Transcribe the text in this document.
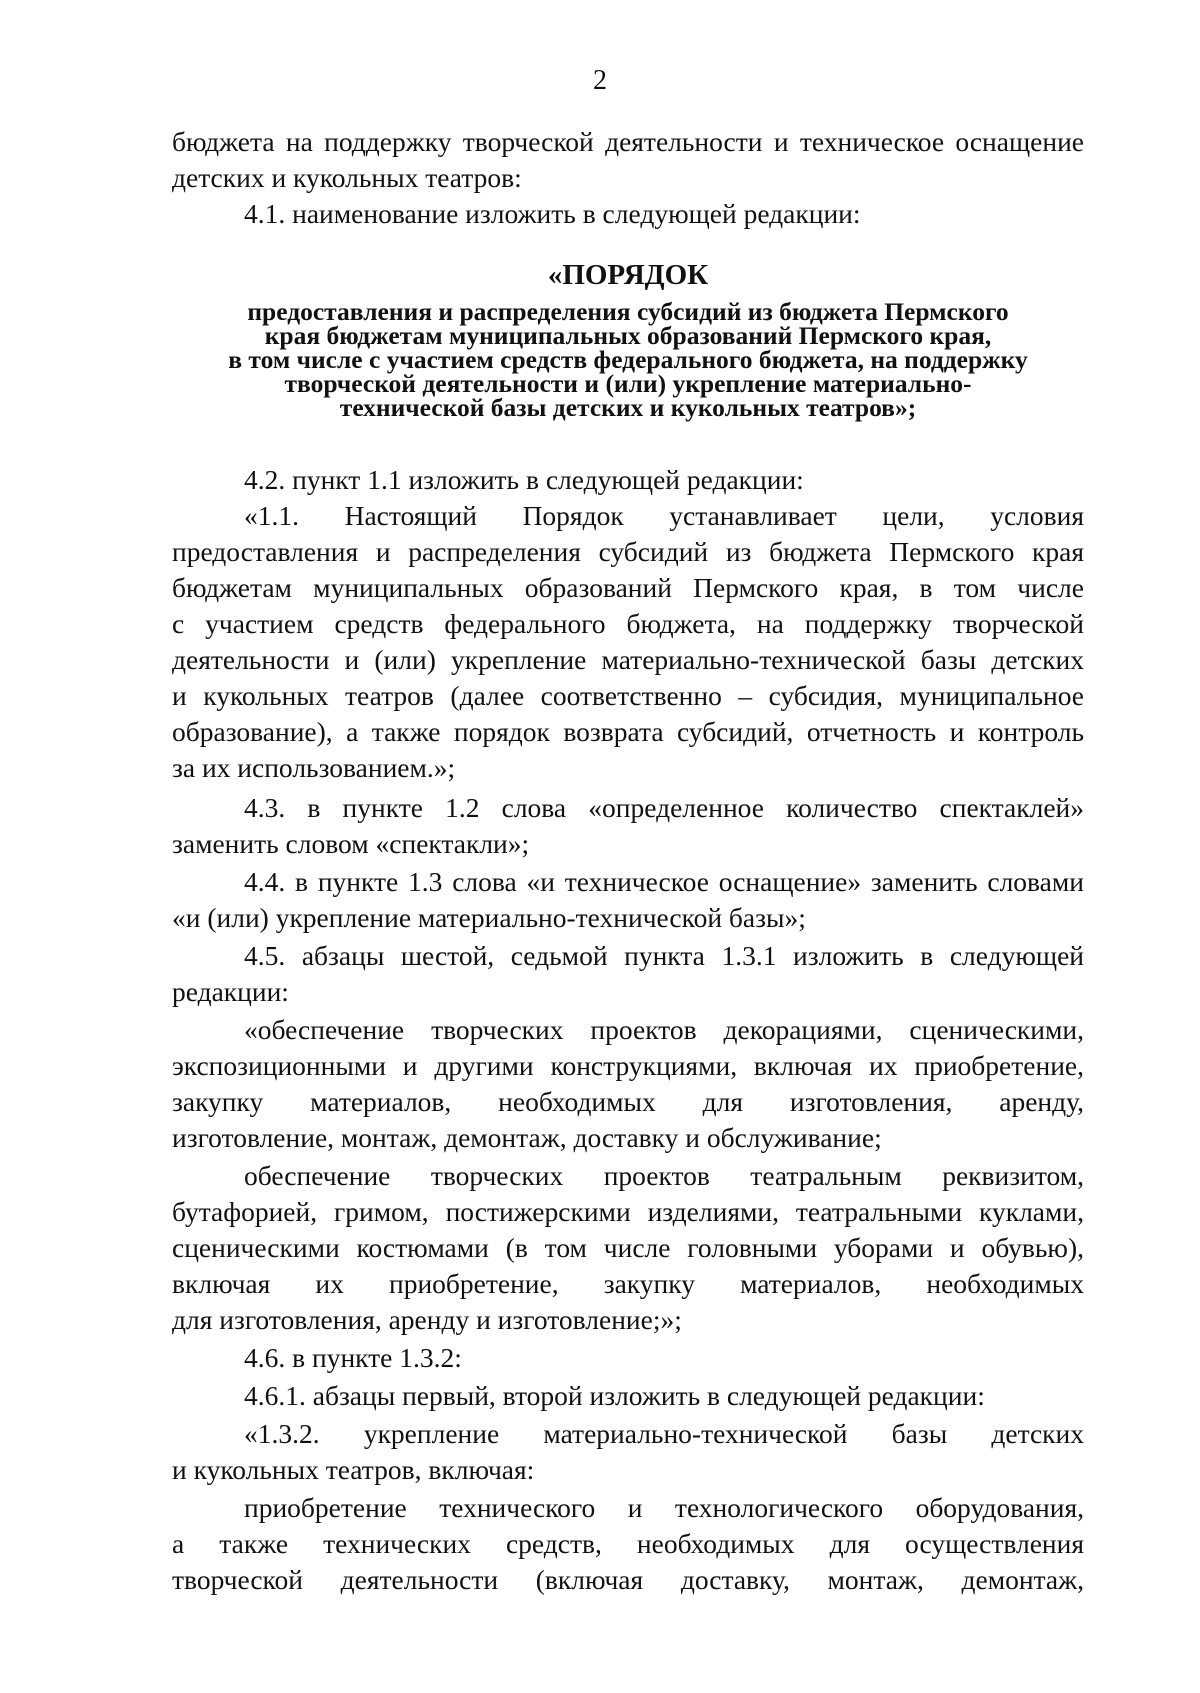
2
бюджета на поддержку творческой деятельности и техническое оснащение
детских и кукольных театров:
4.1. наименование изложить в следующей редакции:
«ПОРЯДОК
предоставления и распределения субсидий из бюджета Пермского
края бюджетам муниципальных образований Пермского края,
в том числе с участием средств федерального бюджета, на поддержку
творческой деятельности и (или) укрепление материально-
технической базы детских и кукольных театров»;
4.2. пункт 1.1 изложить в следующей редакции:
«1.1. Настоящий Порядок устанавливает цели, условия
предоставления и распределения субсидий из бюджета Пермского края
бюджетам муниципальных образований Пермского края, в том числе
с участием средств федерального бюджета, на поддержку творческой
деятельности и (или) укрепление материально-технической базы детских
и кукольных театров (далее соответственно – субсидия, муниципальное
образование), а также порядок возврата субсидий, отчетность и контроль
за их использованием.»;
4.3. в пункте 1.2 слова «определенное количество спектаклей»
заменить словом «спектакли»;
4.4. в пункте 1.3 слова «и техническое оснащение» заменить словами
«и (или) укрепление материально-технической базы»;
4.5. абзацы шестой, седьмой пункта 1.3.1 изложить в следующей
редакции:
«обеспечение творческих проектов декорациями, сценическими,
экспозиционными и другими конструкциями, включая их приобретение,
закупку материалов, необходимых для изготовления, аренду,
изготовление, монтаж, демонтаж, доставку и обслуживание;
обеспечение творческих проектов театральным реквизитом,
бутафорией, гримом, постижерскими изделиями, театральными куклами,
сценическими костюмами (в том числе головными уборами и обувью),
включая их приобретение, закупку материалов, необходимых
для изготовления, аренду и изготовление;»;
4.6. в пункте 1.3.2:
4.6.1. абзацы первый, второй изложить в следующей редакции:
«1.3.2. укрепление материально-технической базы детских
и кукольных театров, включая:
приобретение технического и технологического оборудования,
а также технических средств, необходимых для осуществления
творческой деятельности (включая доставку, монтаж, демонтаж,
